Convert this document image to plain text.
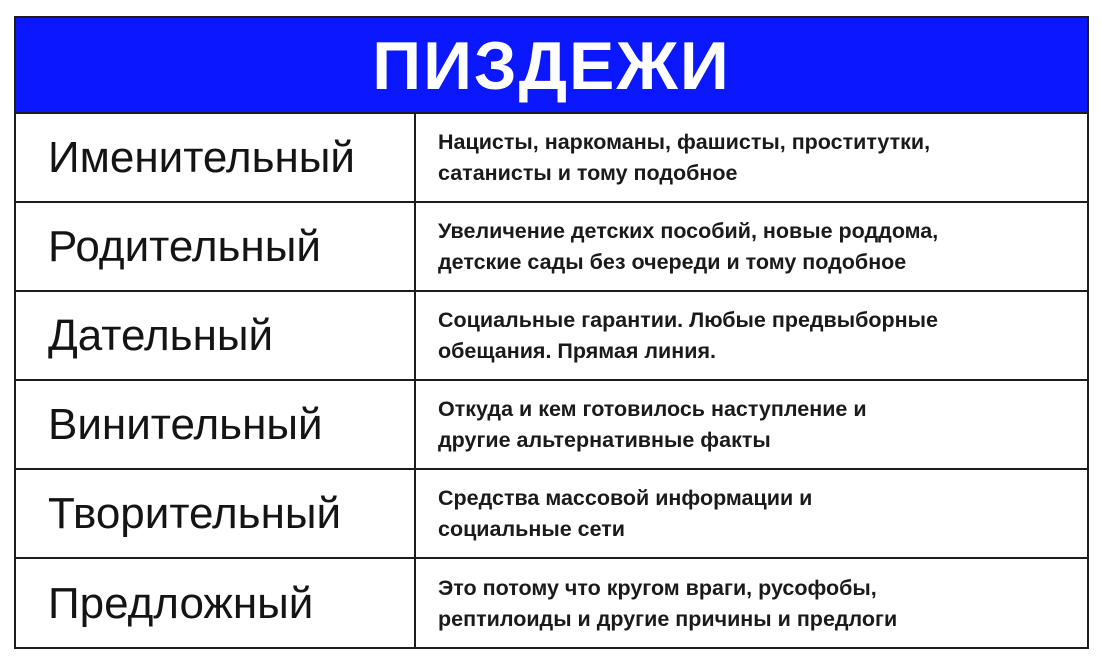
ПИЗДЕЖИ
Именительный	Нацисты, наркоманы, фашисты, проститутки,
сатанисты и тому подобное
Родительный	Увеличение детских пособий, новые роддома,
детские сады без очереди и тому подобное
Дательный	Социальные гарантии. Любые предвыборные
обещания. Прямая линия.
Винительный	Откуда и кем готовилось наступление и
другие альтернативные факты
Творительный	Средства массовой информации и
социальные сети
Предложный	Это потому что кругом враги, русофобы,
рептилоиды и другие причины и предлоги
